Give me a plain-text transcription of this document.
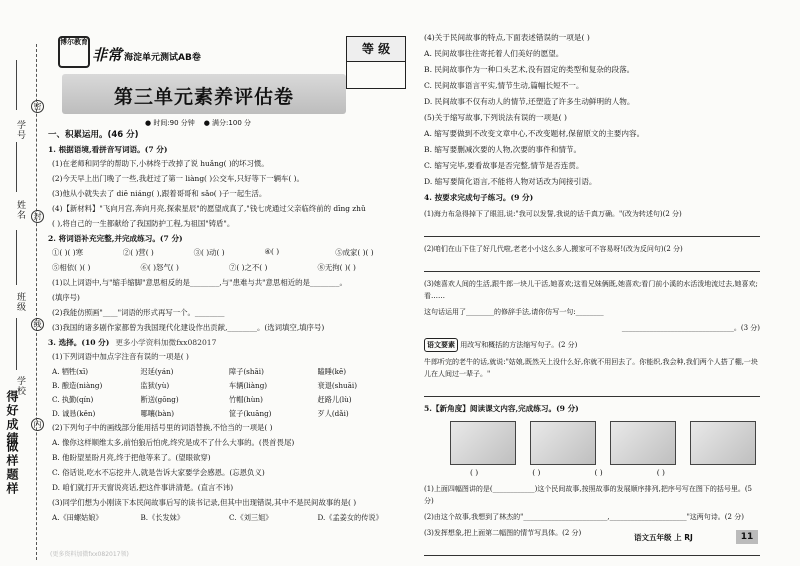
学号
姓名
班级
学校
做样题样
得好成绩
密
封
线
内
博尔教育
非常 海淀单元测试AB卷
等 级
第三单元素养评估卷
● 时间:90 分钟 ● 满分:100 分
一、积累运用。(46 分)
1. 根据语境,看拼音写词语。(7 分)
(1)在老师和同学的帮助下,小林终于改掉了说 huǎng( )的坏习惯。
(2)今天早上出门晚了一些,我赶过了第一 liàng( )公交车,只好等下一辆车( )。
(3)他从小就失去了 diē niáng( ),跟着哥哥和 sǎo( )子一起生活。
(4)【新材料】"飞向月宫,奔向月亮,探索星辰"的愿望成真了,"钱七虎通过父亲临终前的 dīng zhǔ
( ),将自己的一生都献给了我国防护工程,为祖国"铸盾"。
2. 将词语补充完整,并完成练习。(7 分)
①( )( )寒	②( )营( )	③( )动( )	④( )	⑤成家( )( )
⑤相依( )( )	⑥( )怒气( )	⑦( )之不( )	⑧无拘( )( )
(1)以上词语中,与"缩手缩脚"意思相反的是________,与"患难与共"意思相近的是________。
(填序号)
(2)我能仿照画"____"词语的形式再写一个。________
(3)我国的诸多剧作家都曾为我国现代化建设作出贡献,________。(选词填空,填序号)
3. 选择。(10 分) 更多小学资料加微fxx082017
(1)下列词语中加点字注音有误的一项是( )
A. 牺牲(xī)	迟延(yán)	障子(shāi)	瞌睡(kē)
B. 酿造(niàng)	监狱(yù)	车辆(liàng)	衰退(shuāi)
C. 执勤(qín)	断送(gōng)	竹帽(hùn)	赶路儿(lù)
D. 诚恳(kěn)	哪嚷(bàn)	筐子(kuāng)	歹人(dǎi)
(2)下列句子中的画线部分能用括号里的词语替换,不恰当的一项是( )
A. 像你这样顺维太多,前怕狼后怕虎,终究是成不了什么大事的。(畏首畏尾)
B. 他盼望星盼月亮,终于把他等来了。(望眼欲穿)
C. 俗话说,吃水不忘挖井人,就是告诉大家要学会感恩。(忘恩负义)
D. 咱们就打开天窗说亮话,把这件事讲清楚。(直言不讳)
(3)同学们想为小刚读下本民间故事后写的读书记录,但其中出现错误,其中不是民间故事的是( )
A.《田螺姑娘》	B.《长发妹》	C.《刘三姐》	D.《孟姜女的传说》
(更多资料加微fxx082017领)
(4)关于民间故事的特点,下面表述错误的一项是( )
A. 民间故事往往寄托着人们美好的愿望。
B. 民间故事作为一种口头艺术,没有固定的类型和复杂的段落。
C. 民间故事语言平实,情节生动,篇幅长短不一。
D. 民间故事不仅有动人的情节,还塑造了许多生动鲜明的人物。
(5)关于缩写故事,下列说法有误的一项是( )
A. 缩写要做到不改变文章中心,不改变题材,保留原文的主要内容。
B. 缩写要删减次要的人物,次要的事件和情节。
C. 缩写完毕,要看故事是否完整,情节是否连贯。
D. 缩写要简化语言,不能将人物对话改为间接引语。
4. 按要求完成句子练习。(9 分)
(1)海力布急得掉下了眼泪,说:"我可以发誓,我说的话千真万确。"(改为转述句)(2 分)
(2)咱们在山下住了好几代啦,老老小小这么多人,搬家可不容易呀!(改为反问句)(2 分)
(3)她喜欢人间的生活,跟牛郎一块儿干活,她喜欢;这看兄妹俩既,她喜欢;看门前小溪的水活泼地流过去,她喜欢;看……
这句话运用了________的修辞手法,请你仿写一句:________
________________________________。(3 分)
语文要素 用改写和概括的方法缩写句子。(2 分)
牛郎听完的老牛的话,就说:"姑娘,既然天上没什么好,你就不用回去了。你能织,我会种,我们两个人搭了棚,一块儿在人间过一辈子。"
5.【新角度】阅读课文内容,完成练习。(9 分)
( )	( )	( )	( )
(1)上面四幅图讲的是(____________)这个民间故事,按照故事的发展顺序排列,把序号写在图下的括号里。(5 分)
(2)由这个故事,我想到了林杰的"________________________,______________________"这两句诗。(2 分)
(3)发挥想象,把上面第二幅图的情节写具体。(2 分)	语文五年级 上 RJ	11
